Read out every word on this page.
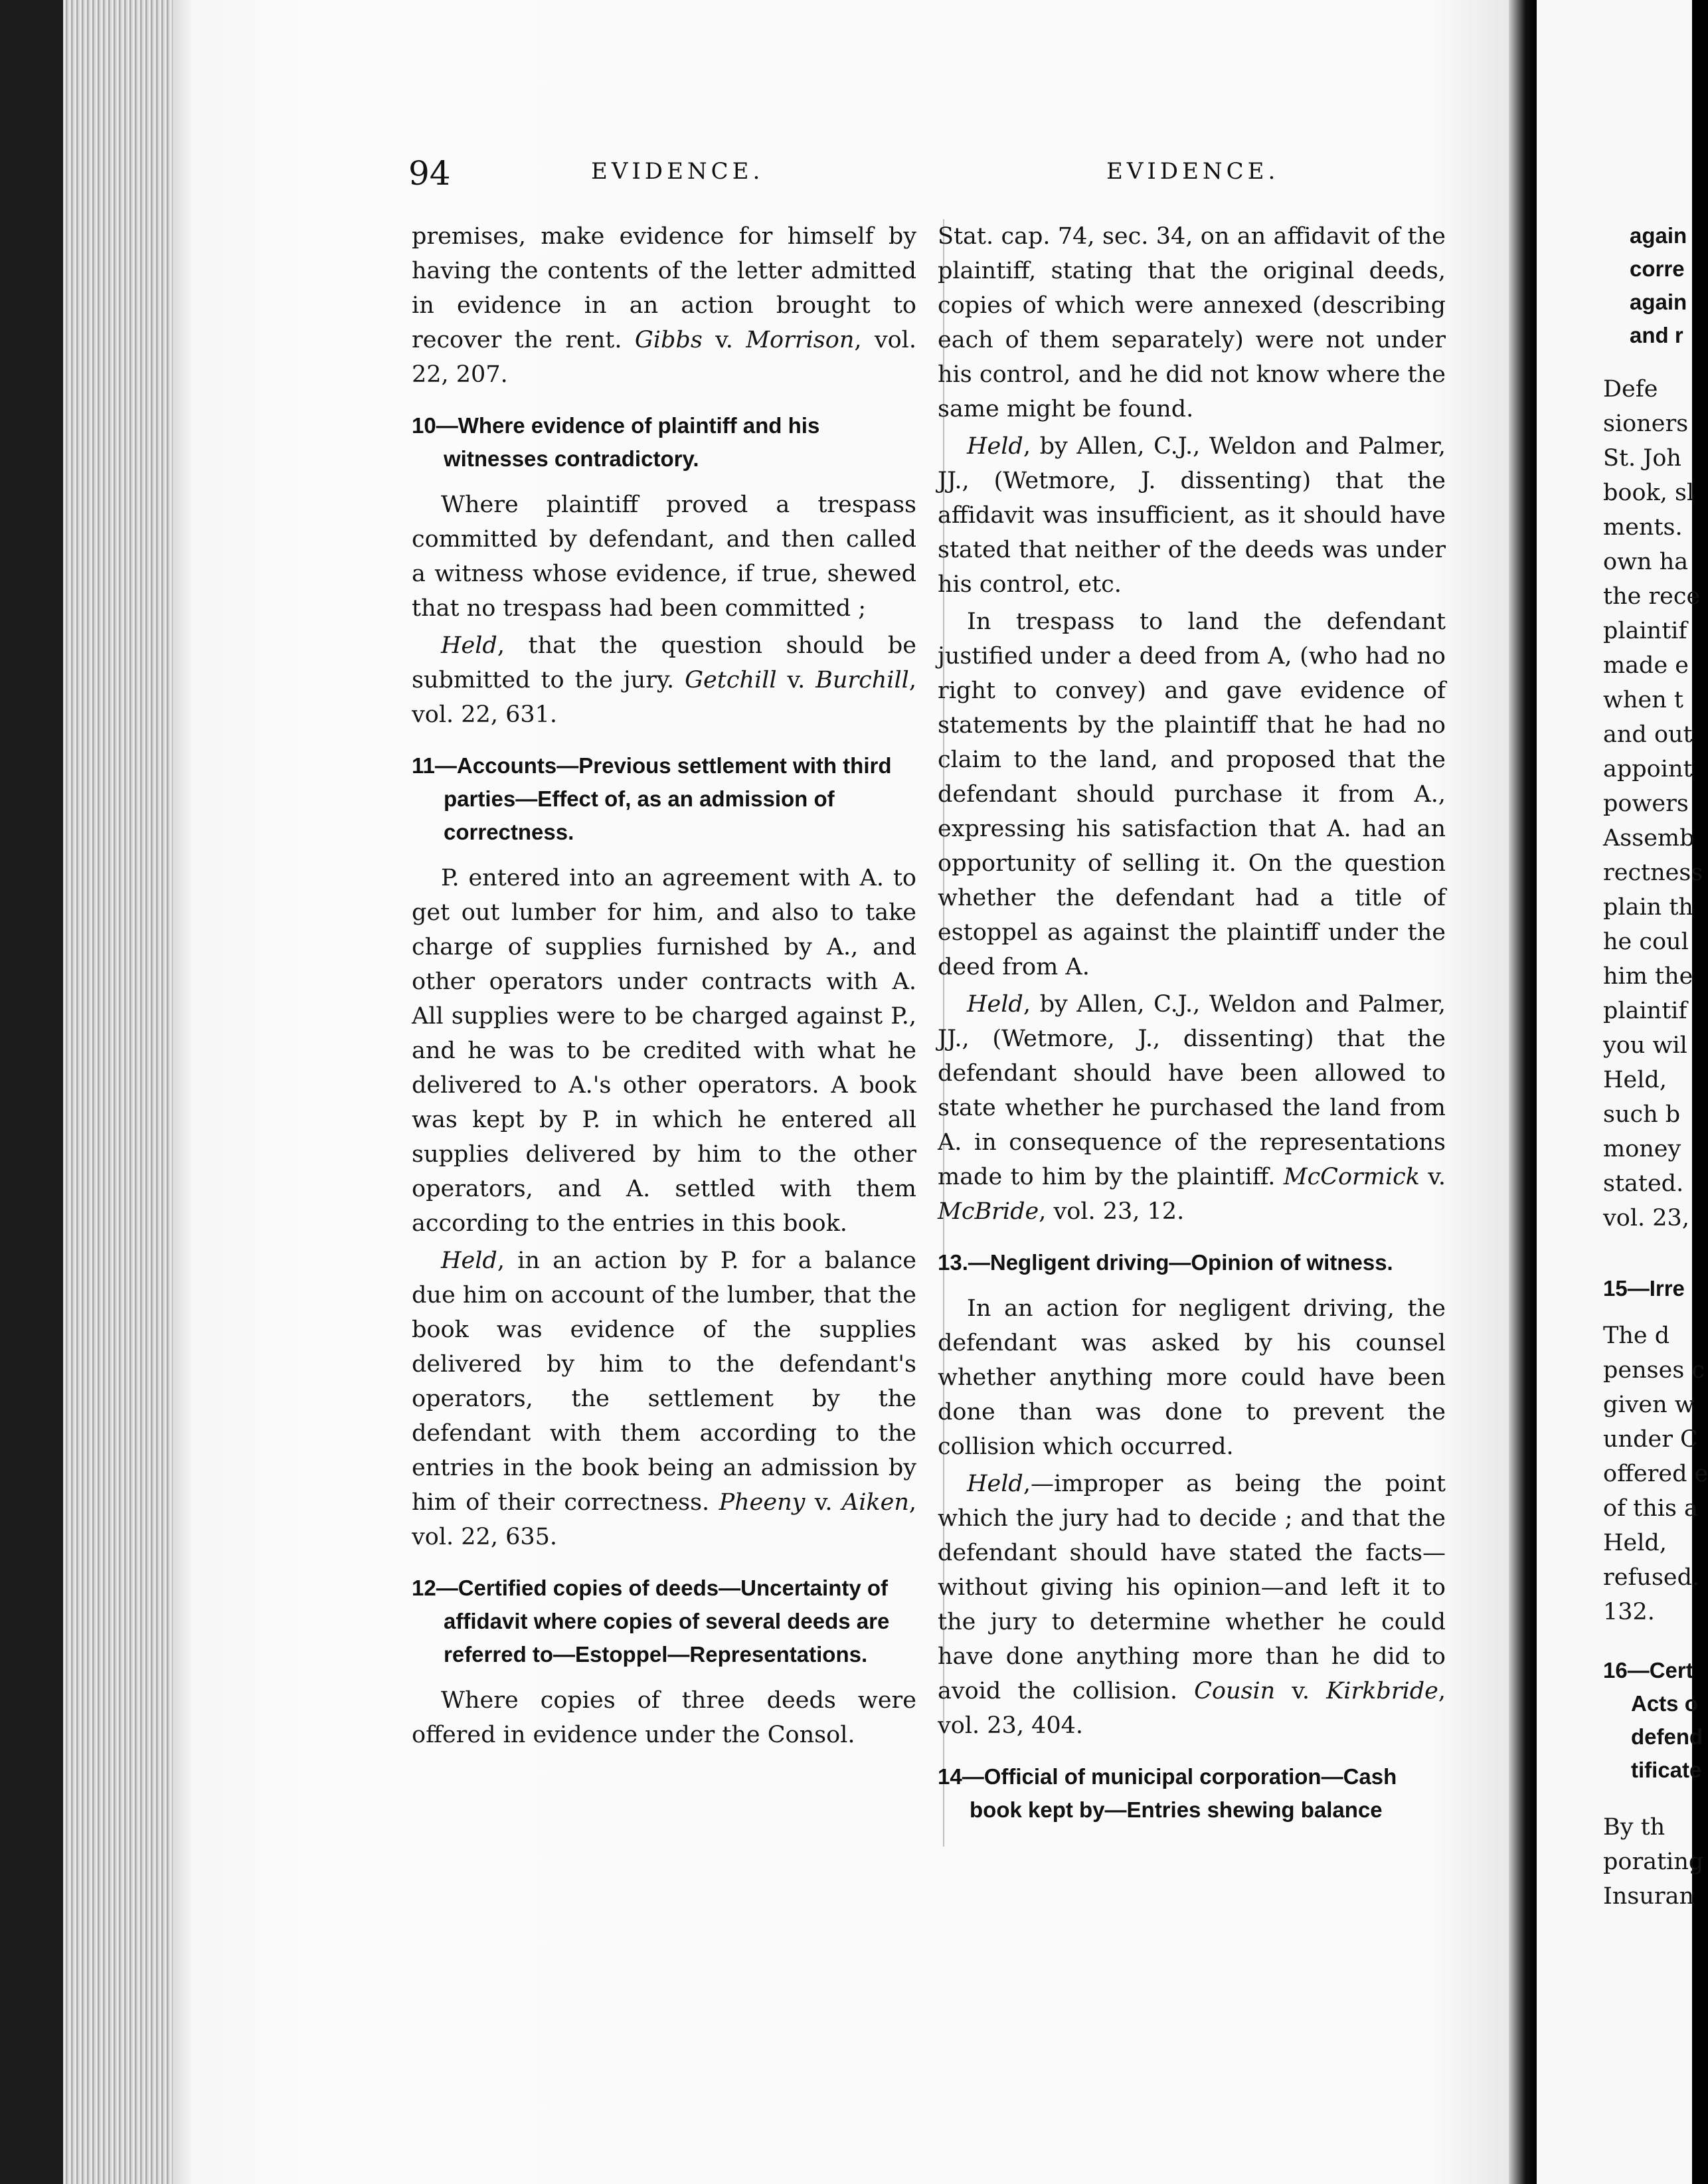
94	EVIDENCE.	EVIDENCE.

premises, make evidence for himself by having the contents of the letter admitted in evidence in an action brought to recover the rent. Gibbs v. Morrison, vol. 22, 207.

10—Where evidence of plaintiff and his witnesses contradictory.

Where plaintiff proved a trespass committed by defendant, and then called a witness whose evidence, if true, shewed that no trespass had been committed ;

Held, that the question should be submitted to the jury. Getchill v. Burchill, vol. 22, 631.

11—Accounts—Previous settlement with third parties—Effect of, as an admission of correctness.

P. entered into an agreement with A. to get out lumber for him, and also to take charge of supplies furnished by A., and other operators under contracts with A. All supplies were to be charged against P., and he was to be credited with what he delivered to A.'s other operators. A book was kept by P. in which he entered all supplies delivered by him to the other operators, and A. settled with them according to the entries in this book.

Held, in an action by P. for a balance due him on account of the lumber, that the book was evidence of the supplies delivered by him to the defendant's operators, the settlement by the defendant with them according to the entries in the book being an admission by him of their correctness. Pheeny v. Aiken, vol. 22, 635.

12—Certified copies of deeds—Uncertainty of affidavit where copies of several deeds are referred to—Estoppel—Representations.

Where copies of three deeds were offered in evidence under the Consol.

Stat. cap. 74, sec. 34, on an affidavit of the plaintiff, stating that the original deeds, copies of which were annexed (describing each of them separately) were not under his control, and he did not know where the same might be found.

Held, by Allen, C.J., Weldon and Palmer, JJ., (Wetmore, J. dissenting) that the affidavit was insufficient, as it should have stated that neither of the deeds was under his control, etc.

In trespass to land the defendant justified under a deed from A, (who had no right to convey) and gave evidence of statements by the plaintiff that he had no claim to the land, and proposed that the defendant should purchase it from A., expressing his satisfaction that A. had an opportunity of selling it. On the question whether the defendant had a title of estoppel as against the plaintiff under the deed from A.

Held, by Allen, C.J., Weldon and Palmer, JJ., (Wetmore, J., dissenting) that the defendant should have been allowed to state whether he purchased the land from A. in consequence of the representations made to him by the plaintiff. McCormick v. McBride, vol. 23, 12.

13.—Negligent driving—Opinion of witness.

In an action for negligent driving, the defendant was asked by his counsel whether anything more could have been done than was done to prevent the collision which occurred.

Held,—improper as being the point which the jury had to decide ; and that the defendant should have stated the facts—without giving his opinion—and left it to the jury to determine whether he could have done anything more than he did to avoid the collision. Cousin v. Kirkbride, vol. 23, 404.

14—Official of municipal corporation—Cash book kept by—Entries shewing balance
again
corre
again
and r
Defe
sioners
St. Joh
book, sl
ments.
own ha
the rece
plaintif
made e
when t
and out
appoint
powers
Assemb
rectness
plain th
he coul
him the
plaintif
you wil
Held,
such b
money
stated.
vol. 23,
15—Irre
The d
penses c
given w
under C
offered e
of this a
Held,
refused.
132.
16—Cert
Acts o
defend
tificate
By th
porating
Insuran
